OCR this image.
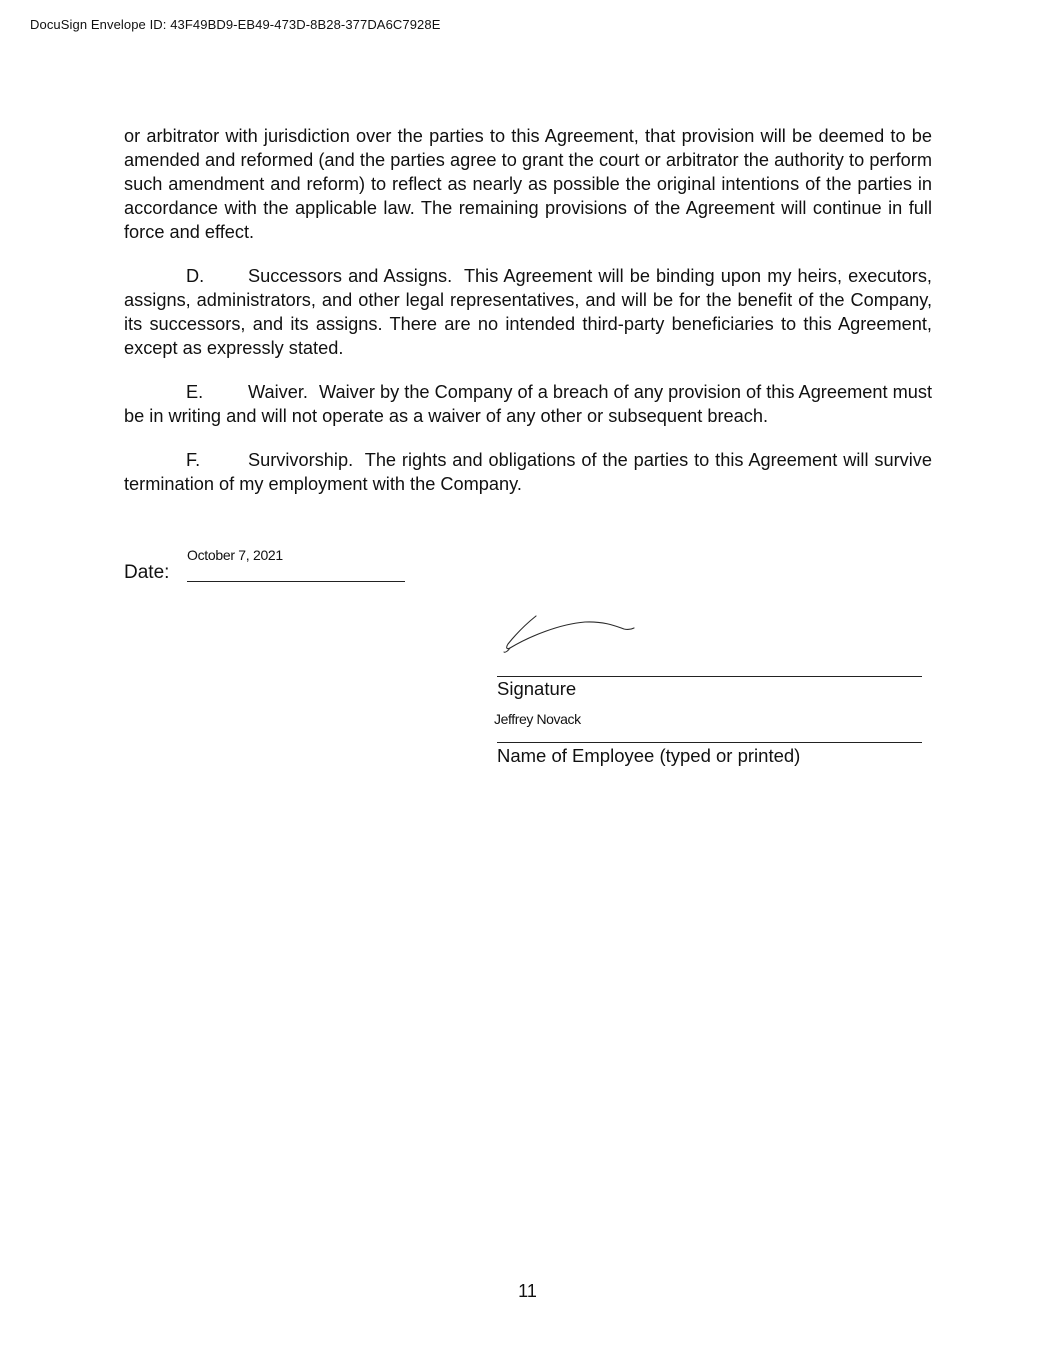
DocuSign Envelope ID: 43F49BD9-EB49-473D-8B28-377DA6C7928E

or arbitrator with jurisdiction over the parties to this Agreement, that provision will be deemed to be amended and reformed (and the parties agree to grant the court or arbitrator the authority to perform such amendment and reform) to reflect as nearly as possible the original intentions of the parties in accordance with the applicable law. The remaining provisions of the Agreement will continue in full force and effect.

D. Successors and Assigns. This Agreement will be binding upon my heirs, executors, assigns, administrators, and other legal representatives, and will be for the benefit of the Company, its successors, and its assigns. There are no intended third-party beneficiaries to this Agreement, except as expressly stated.

E. Waiver. Waiver by the Company of a breach of any provision of this Agreement must be in writing and will not operate as a waiver of any other or subsequent breach.

F.	Survivorship. The rights and obligations of the parties to this Agreement will survive termination of my employment with the Company.

Date:
October 7, 2021
Signature
Jeffrey Novack
Name of Employee (typed or printed)
11
